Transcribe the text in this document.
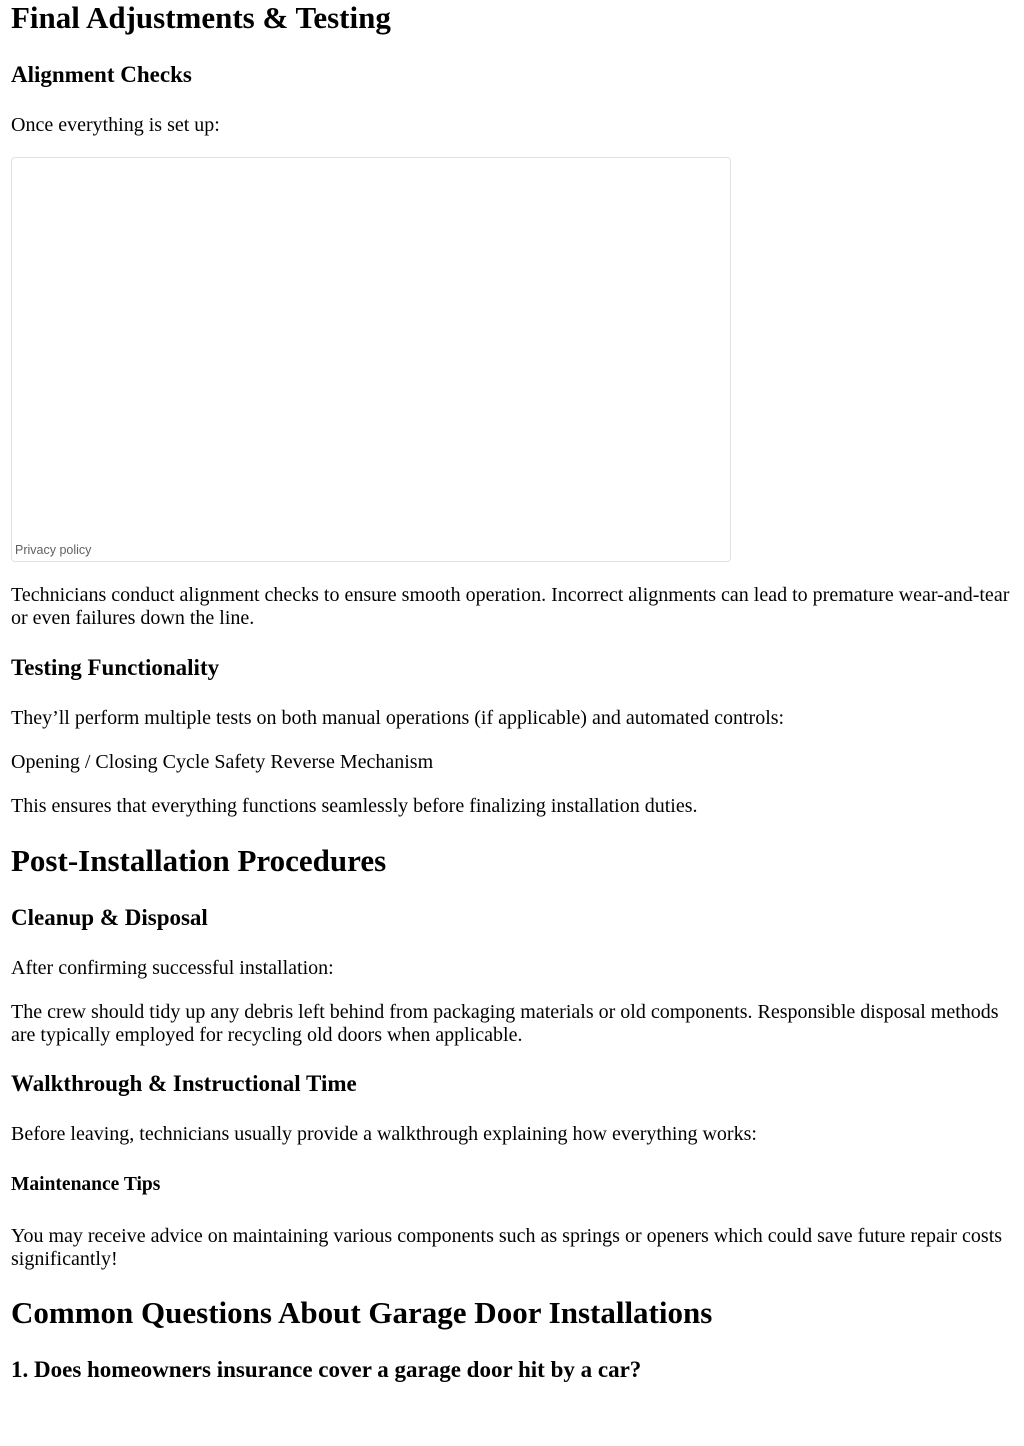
Final Adjustments & Testing
Alignment Checks

Once everything is set up:

Privacy policy

Technicians conduct alignment checks to ensure smooth operation. Incorrect alignments can lead to premature wear-and-tear or even failures down the line.

Testing Functionality

They’ll perform multiple tests on both manual operations (if applicable) and automated controls:

Opening / Closing Cycle Safety Reverse Mechanism

This ensures that everything functions seamlessly before finalizing installation duties.

Post-Installation Procedures
Cleanup & Disposal

After confirming successful installation:

The crew should tidy up any debris left behind from packaging materials or old components. Responsible disposal methods are typically employed for recycling old doors when applicable.

Walkthrough & Instructional Time

Before leaving, technicians usually provide a walkthrough explaining how everything works:

Maintenance Tips

You may receive advice on maintaining various components such as springs or openers which could save future repair costs significantly!

Common Questions About Garage Door Installations
1. Does homeowners insurance cover a garage door hit by a car?
